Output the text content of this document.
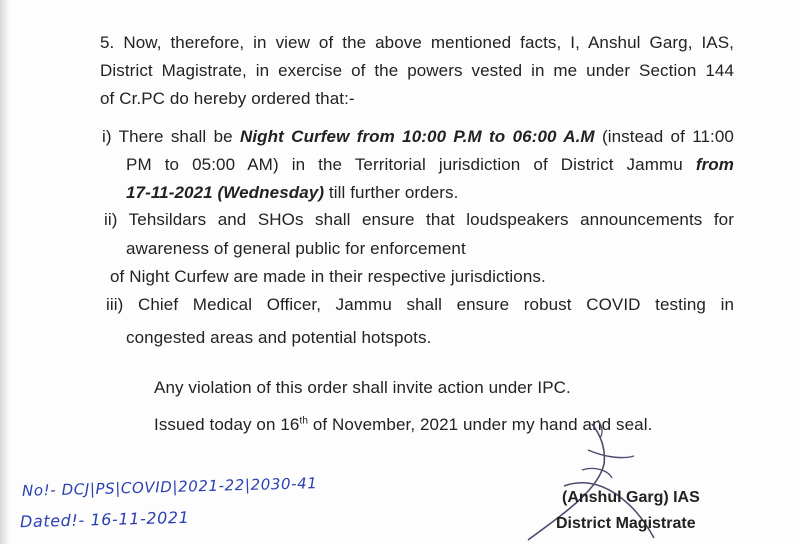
5. Now, therefore, in view of the above mentioned facts, I, Anshul Garg, IAS,
District Magistrate, in exercise of the powers vested in me under Section 144
of Cr.PC do hereby ordered that:-
i) There shall be Night Curfew from 10:00 P.M to 06:00 A.M (instead of 11:00
PM to 05:00 AM) in the Territorial jurisdiction of District Jammu from
17-11-2021 (Wednesday) till further orders.
ii) Tehsildars and SHOs shall ensure that loudspeakers announcements for
awareness of general public for enforcement
of Night Curfew are made in their respective jurisdictions.
iii) Chief Medical Officer, Jammu shall ensure robust COVID testing in
congested areas and potential hotspots.
Any violation of this order shall invite action under IPC.
Issued today on 16th of November, 2021 under my hand and seal.
No!- DCJ|PS|COVID|2021-22|2030-41
Dated!- 16-11-2021
(Anshul Garg) IAS
District Magistrate
